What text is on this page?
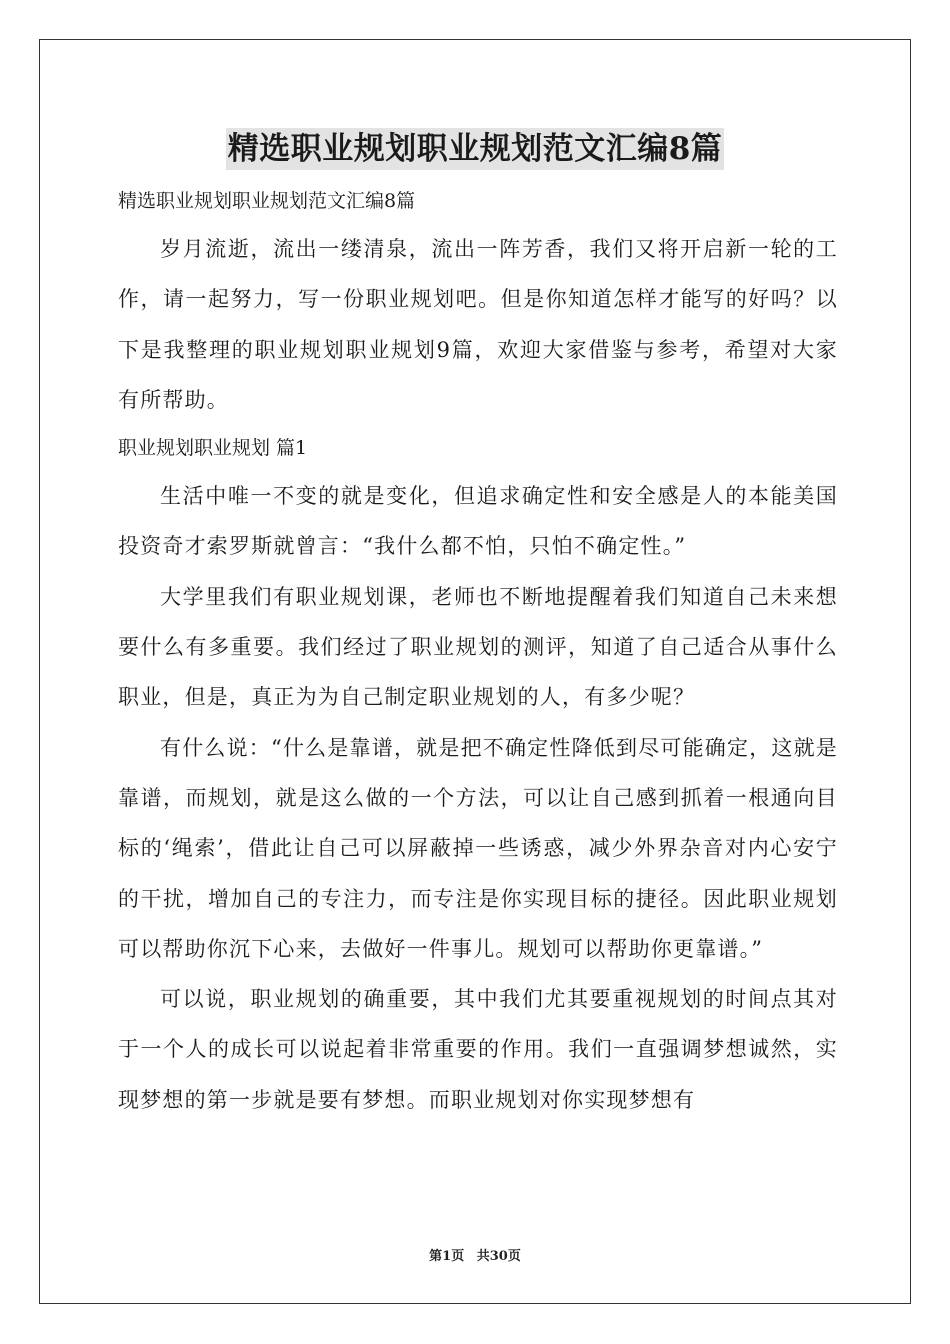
精选职业规划职业规划范文汇编8篇

精选职业规划职业规划范文汇编8篇

岁月流逝，流出一缕清泉，流出一阵芳香，我们又将开启新一轮的工作，请一起努力，写一份职业规划吧。但是你知道怎样才能写的好吗？以下是我整理的职业规划职业规划9篇，欢迎大家借鉴与参考，希望对大家有所帮助。

职业规划职业规划 篇1

生活中唯一不变的就是变化，但追求确定性和安全感是人的本能美国投资奇才索罗斯就曾言：“我什么都不怕，只怕不确定性。”

大学里我们有职业规划课，老师也不断地提醒着我们知道自己未来想要什么有多重要。我们经过了职业规划的测评，知道了自己适合从事什么职业，但是，真正为为自己制定职业规划的人，有多少呢？

有什么说：“什么是靠谱，就是把不确定性降低到尽可能确定，这就是靠谱，而规划，就是这么做的一个方法，可以让自己感到抓着一根通向目标的‘绳索’，借此让自己可以屏蔽掉一些诱惑，减少外界杂音对内心安宁的干扰，增加自己的专注力，而专注是你实现目标的捷径。因此职业规划可以帮助你沉下心来，去做好一件事儿。规划可以帮助你更靠谱。”

可以说，职业规划的确重要，其中我们尤其要重视规划的时间点其对于一个人的成长可以说起着非常重要的作用。我们一直强调梦想诚然，实现梦想的第一步就是要有梦想。而职业规划对你实现梦想有

第1页 共30页
